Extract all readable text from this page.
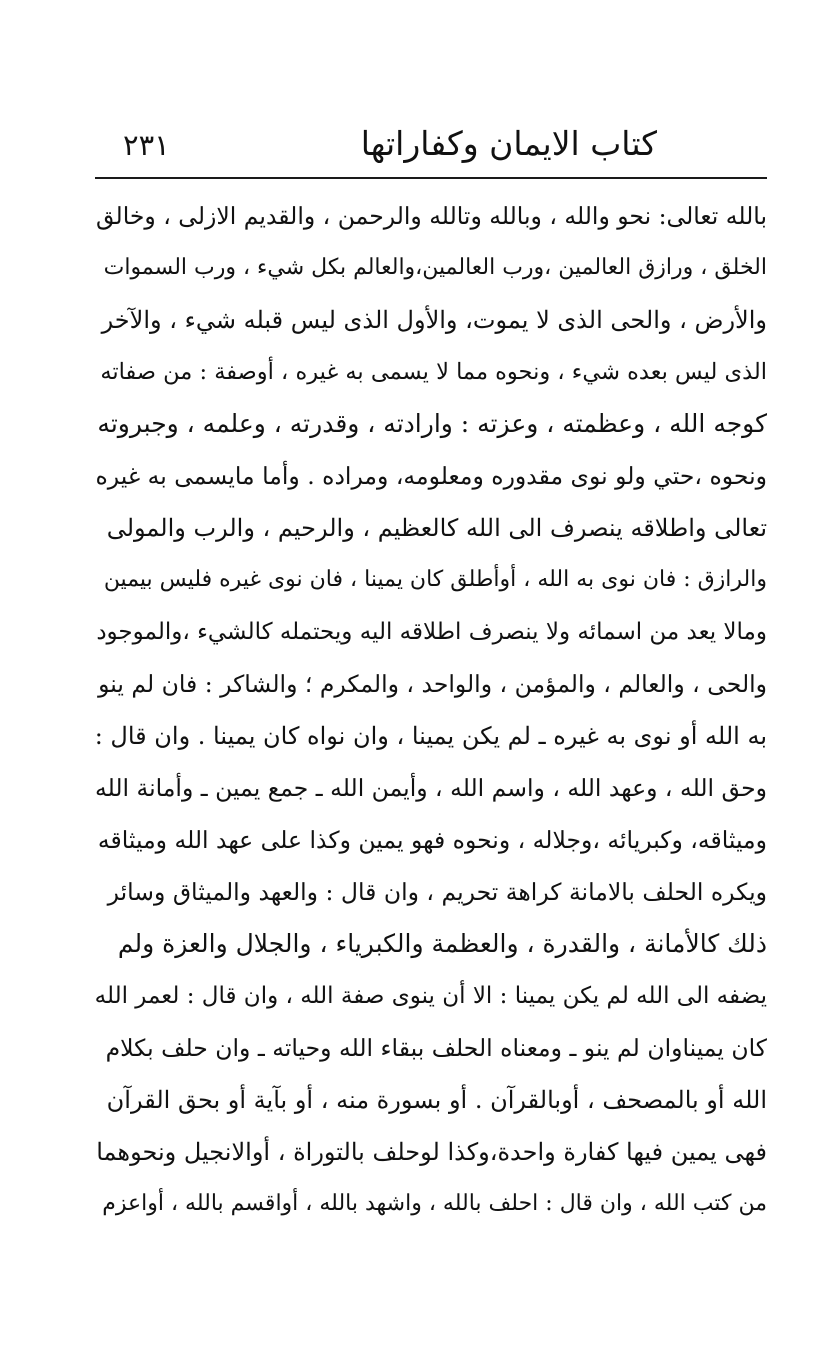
كتاب الايمان وكفاراتها
٢٣١
بالله تعالى: نحو والله ، وبالله وتالله والرحمن ، والقديم الازلى ، وخالق
الخلق ، ورازق العالمين ،ورب العالمين،والعالم بكل شيء ، ورب السموات
والأرض ، والحى الذى لا يموت، والأول الذى ليس قبله شيء ، والآخر
الذى ليس بعده شيء ، ونحوه مما لا يسمى به غيره ، أوصفة : من صفاته
كوجه الله ، وعظمته ، وعزته : وارادته ، وقدرته ، وعلمه ، وجبروته
ونحوه ،حتي ولو نوى مقدوره ومعلومه، ومراده . وأما مايسمى به غيره
تعالى واطلاقه ينصرف الى الله كالعظيم ، والرحيم ، والرب والمولى
والرازق : فان نوى به الله ، أوأطلق كان يمينا ، فان نوى غيره فليس بيمين
ومالا يعد من اسمائه ولا ينصرف اطلاقه اليه ويحتمله كالشيء ،والموجود
والحى ، والعالم ، والمؤمن ، والواحد ، والمكرم ؛ والشاكر : فان لم ينو
به الله أو نوى به غيره ـ لم يكن يمينا ، وان نواه كان يمينا . وان قال :
وحق الله ، وعهد الله ، واسم الله ، وأيمن الله ـ جمع يمين ـ وأمانة الله
وميثاقه، وكبريائه ،وجلاله ، ونحوه فهو يمين وكذا على عهد الله وميثاقه
ويكره الحلف بالامانة كراهة تحريم ، وان قال : والعهد والميثاق وسائر
ذلك كالأمانة ، والقدرة ، والعظمة والكبرياء ، والجلال والعزة ولم
يضفه الى الله لم يكن يمينا : الا أن ينوى صفة الله ، وان قال : لعمر الله
كان يميناوان لم ينو ـ ومعناه الحلف ببقاء الله وحياته ـ وان حلف بكلام
الله أو بالمصحف ، أوبالقرآن . أو بسورة منه ، أو بآية أو بحق القرآن
فهى يمين فيها كفارة واحدة،وكذا لوحلف بالتوراة ، أوالانجيل ونحوهما
من كتب الله ، وان قال : احلف بالله ، واشهد بالله ، أواقسم بالله ، أواعزم
